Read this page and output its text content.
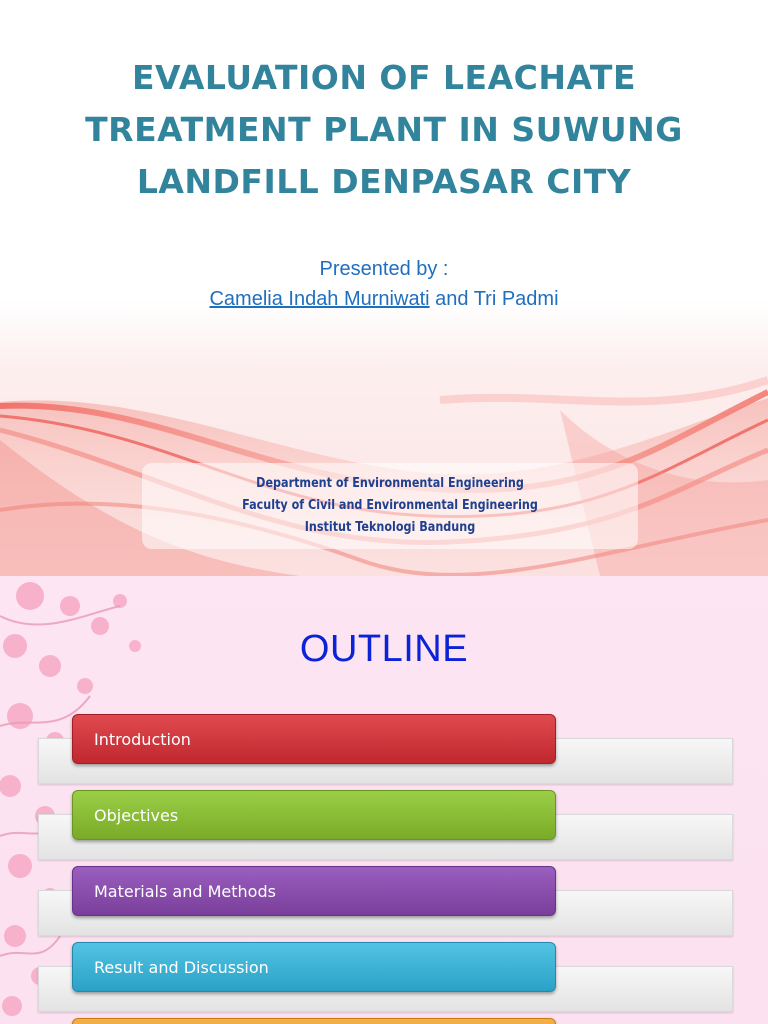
EVALUATION OF LEACHATE TREATMENT PLANT IN SUWUNG LANDFILL DENPASAR CITY
Presented by :
Camelia Indah Murniwati and Tri Padmi
Department of Environmental Engineering
Faculty of Civil and Environmental Engineering
Institut Teknologi Bandung
OUTLINE
Introduction
Objectives
Materials and Methods
Result and Discussion
